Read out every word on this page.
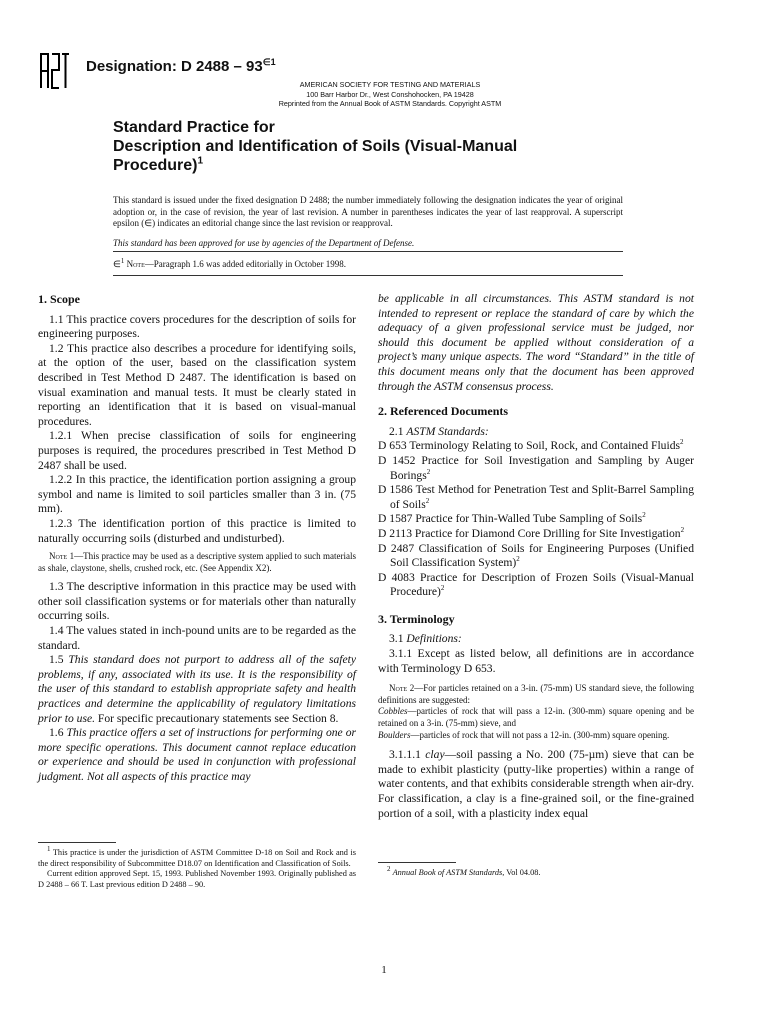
Designation: D $2488 - 93^{\in 1}$
AMERICAN SOCIETY FOR TESTING AND MATERIALS
100 Barr Harbor Dr., West Conshohocken, PA 19428
Reprinted from the Annual Book of ASTM Standards. Copyright ASTM
Standard Practice for
Description and Identification of Soils (Visual-Manual
Procedure)$^1$
This standard is issued under the fixed designation D 2488; the number immediately following the designation indicates the year of original adoption or, in the case of revision, the year of last revision. A number in parentheses indicates the year of last reapproval. A superscript epsilon (∈) indicates an editorial change since the last revision or reapproval.
This standard has been approved for use by agencies of the Department of Defense.
∈$^1$ Note—Paragraph 1.6 was added editorially in October 1998.
1. Scope

1.1 This practice covers procedures for the description of soils for engineering purposes.

1.2 This practice also describes a procedure for identifying soils, at the option of the user, based on the classification system described in Test Method D 2487. The identification is based on visual examination and manual tests. It must be clearly stated in reporting an identification that it is based on visual-manual procedures.

1.2.1 When precise classification of soils for engineering purposes is required, the procedures prescribed in Test Method D 2487 shall be used.

1.2.2 In this practice, the identification portion assigning a group symbol and name is limited to soil particles smaller than 3 in. (75 mm).

1.2.3 The identification portion of this practice is limited to naturally occurring soils (disturbed and undisturbed).

Note 1—This practice may be used as a descriptive system applied to such materials as shale, claystone, shells, crushed rock, etc. (See Appendix X2).

1.3 The descriptive information in this practice may be used with other soil classification systems or for materials other than naturally occurring soils.

1.4 The values stated in inch-pound units are to be regarded as the standard.

1.5 This standard does not purport to address all of the safety problems, if any, associated with its use. It is the responsibility of the user of this standard to establish appropriate safety and health practices and determine the applicability of regulatory limitations prior to use. For specific precautionary statements see Section 8.

1.6 This practice offers a set of instructions for performing one or more specific operations. This document cannot replace education or experience and should be used in conjunction with professional judgment. Not all aspects of this practice may

$^1$ This practice is under the jurisdiction of ASTM Committee D-18 on Soil and Rock and is the direct responsibility of Subcommittee D18.07 on Identification and Classification of Soils.

Current edition approved Sept. 15, 1993. Published November 1993. Originally published as D 2488 – 66 T. Last previous edition D 2488 – 90.

be applicable in all circumstances. This ASTM standard is not intended to represent or replace the standard of care by which the adequacy of a given professional service must be judged, nor should this document be applied without consideration of a project’s many unique aspects. The word “Standard” in the title of this document means only that the document has been approved through the ASTM consensus process.

2. Referenced Documents

2.1 ASTM Standards:

D 653 Terminology Relating to Soil, Rock, and Contained Fluids$^2$

D 1452 Practice for Soil Investigation and Sampling by Auger Borings$^2$

D 1586 Test Method for Penetration Test and Split-Barrel Sampling of Soils$^2$

D 1587 Practice for Thin-Walled Tube Sampling of Soils$^2$

D 2113 Practice for Diamond Core Drilling for Site Investigation$^2$

D 2487 Classification of Soils for Engineering Purposes (Unified Soil Classification System)$^2$

D 4083 Practice for Description of Frozen Soils (Visual-Manual Procedure)$^2$

3. Terminology

3.1 Definitions:

3.1.1 Except as listed below, all definitions are in accordance with Terminology D 653.

Note 2—For particles retained on a 3-in. (75-mm) US standard sieve, the following definitions are suggested:

Cobbles—particles of rock that will pass a 12-in. (300-mm) square opening and be retained on a 3-in. (75-mm) sieve, and

Boulders—particles of rock that will not pass a 12-in. (300-mm) square opening.

3.1.1.1 clay—soil passing a No. 200 (75-µm) sieve that can be made to exhibit plasticity (putty-like properties) within a range of water contents, and that exhibits considerable strength when air-dry. For classification, a clay is a fine-grained soil, or the fine-grained portion of a soil, with a plasticity index equal

$^2$ Annual Book of ASTM Standards, Vol 04.08.

1
